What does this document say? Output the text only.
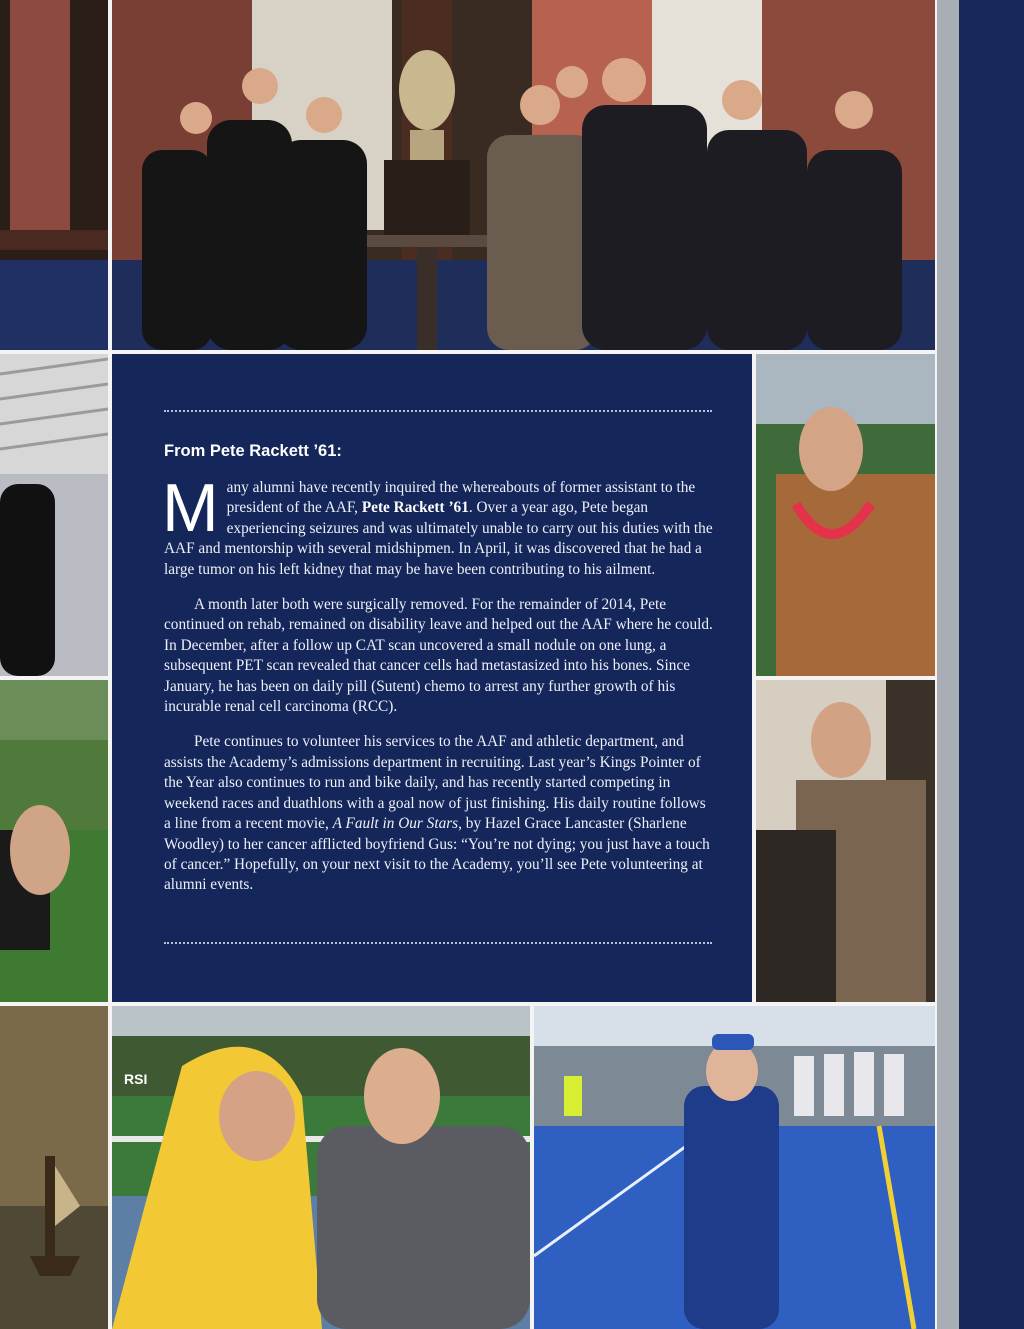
RSI
From Pete Rackett ’61:

Many alumni have recently inquired the whereabouts of former assistant to the president of the AAF, Pete Rackett ’61. Over a year ago, Pete began experiencing seizures and was ultimately unable to carry out his duties with the AAF and mentorship with several midshipmen. In April, it was discovered that he had a large tumor on his left kidney that may be have been contributing to his ailment.

A month later both were surgically removed. For the remainder of 2014, Pete continued on rehab, remained on disability leave and helped out the AAF where he could. In December, after a follow up CAT scan uncovered a small nodule on one lung, a subsequent PET scan revealed that cancer cells had metastasized into his bones. Since January, he has been on daily pill (Sutent) chemo to arrest any further growth of his incurable renal cell carcinoma (RCC).

Pete continues to volunteer his services to the AAF and athletic department, and assists the Academy’s admissions department in recruiting. Last year’s Kings Pointer of the Year also continues to run and bike daily, and has recently started competing in weekend races and duathlons with a goal now of just finishing. His daily routine follows a line from a recent movie, A Fault in Our Stars, by Hazel Grace Lancaster (Sharlene Woodley) to her cancer afflicted boyfriend Gus: “You’re not dying; you just have a touch of cancer.” Hopefully, on your next visit to the Academy, you’ll see Pete volunteering at alumni events.
